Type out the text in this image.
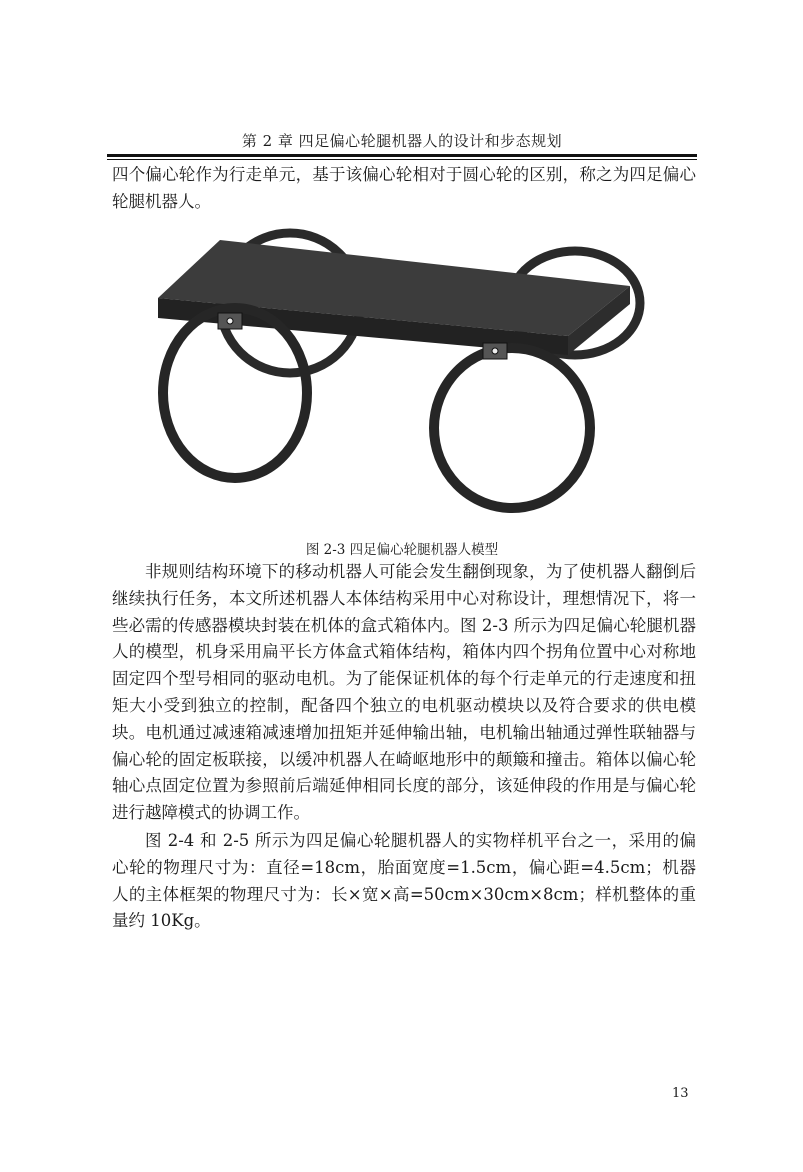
第 2 章 四足偏心轮腿机器人的设计和步态规划
四个偏心轮作为行走单元，基于该偏心轮相对于圆心轮的区别，称之为四足偏心轮腿机器人。
图 2-3 四足偏心轮腿机器人模型
非规则结构环境下的移动机器人可能会发生翻倒现象，为了使机器人翻倒后继续执行任务，本文所述机器人本体结构采用中心对称设计，理想情况下，将一些必需的传感器模块封装在机体的盒式箱体内。图 2-3 所示为四足偏心轮腿机器人的模型，机身采用扁平长方体盒式箱体结构，箱体内四个拐角位置中心对称地固定四个型号相同的驱动电机。为了能保证机体的每个行走单元的行走速度和扭矩大小受到独立的控制，配备四个独立的电机驱动模块以及符合要求的供电模块。电机通过减速箱减速增加扭矩并延伸输出轴，电机输出轴通过弹性联轴器与偏心轮的固定板联接，以缓冲机器人在崎岖地形中的颠簸和撞击。箱体以偏心轮轴心点固定位置为参照前后端延伸相同长度的部分，该延伸段的作用是与偏心轮进行越障模式的协调工作。
图 2-4 和 2-5 所示为四足偏心轮腿机器人的实物样机平台之一，采用的偏心轮的物理尺寸为：直径=18cm，胎面宽度=1.5cm，偏心距=4.5cm；机器人的主体框架的物理尺寸为：长×宽×高=50cm×30cm×8cm；样机整体的重量约 10Kg。
13
